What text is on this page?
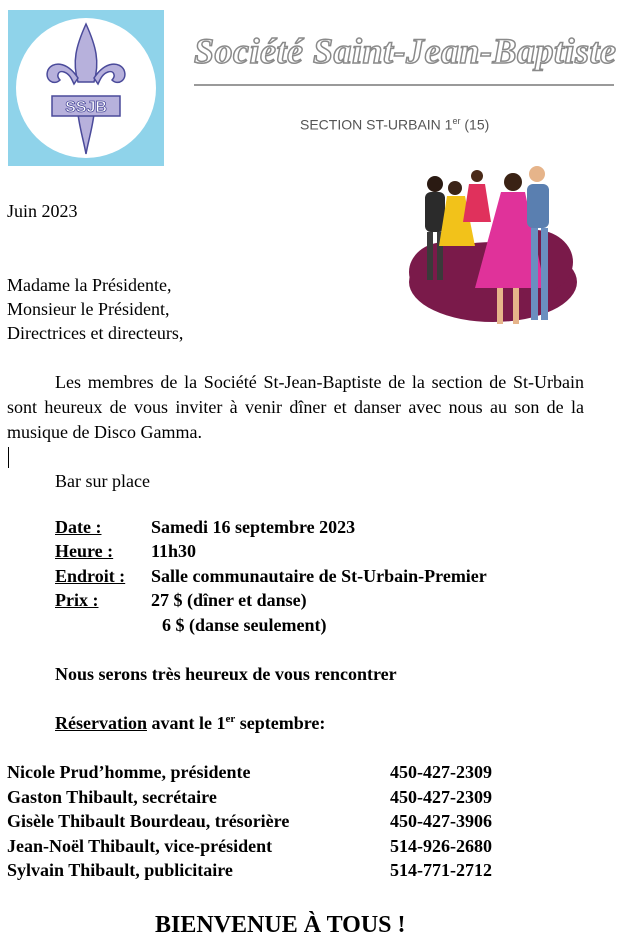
SSJB
Société Saint-Jean-Baptiste
SECTION ST-URBAIN 1er (15)
Juin 2023
Madame la Présidente,
Monsieur le Président,
Directrices et directeurs,
Les membres de la Société St-Jean-Baptiste de la section de St-Urbain sont heureux de vous inviter à venir dîner et danser avec nous au son de la musique de Disco Gamma.
Bar sur place
Date :	Samedi 16 septembre 2023
Heure : 11h30
Endroit : Salle communautaire de St-Urbain-Premier
Prix :	27 $ (dîner et danse)
6 $ (danse seulement)
Nous serons très heureux de vous rencontrer
Réservation avant le 1er septembre:
Nicole Prud’homme, présidente	450-427-2309
Gaston Thibault, secrétaire	450-427-2309
Gisèle Thibault Bourdeau, trésorière	450-427-3906
Jean-Noël Thibault, vice-président	514-926-2680
Sylvain Thibault, publicitaire	514-771-2712
BIENVENUE À TOUS !
